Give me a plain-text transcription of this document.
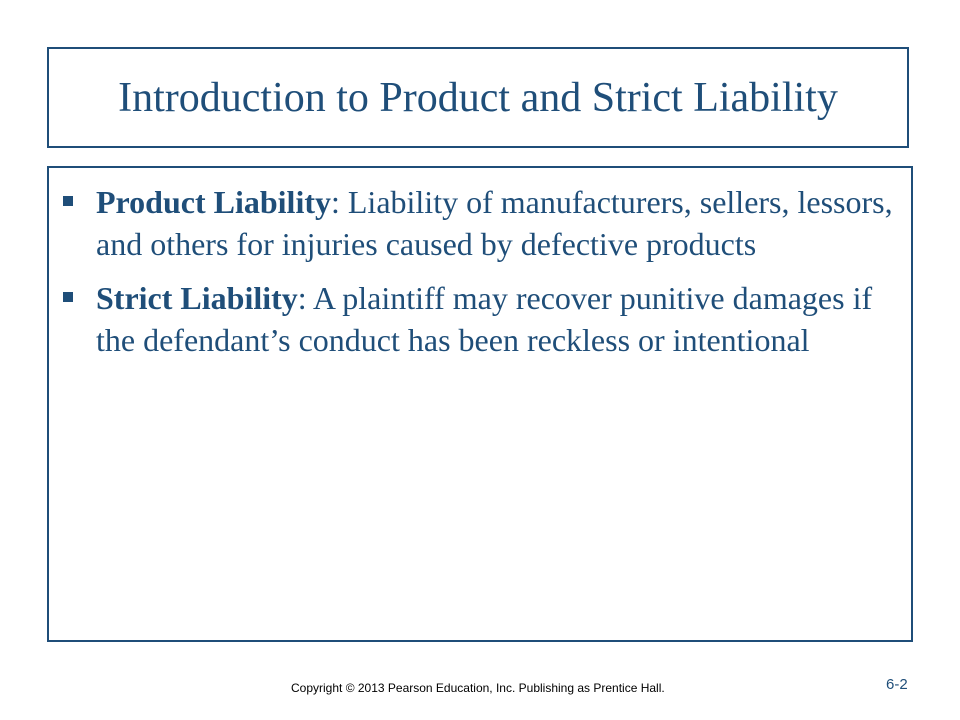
Introduction to Product and Strict Liability
Product Liability: Liability of manufacturers, sellers, lessors, and others for injuries caused by defective products
Strict Liability: A plaintiff may recover punitive damages if the defendant’s conduct has been reckless or intentional
Copyright © 2013 Pearson Education, Inc. Publishing as Prentice Hall.	6-2
